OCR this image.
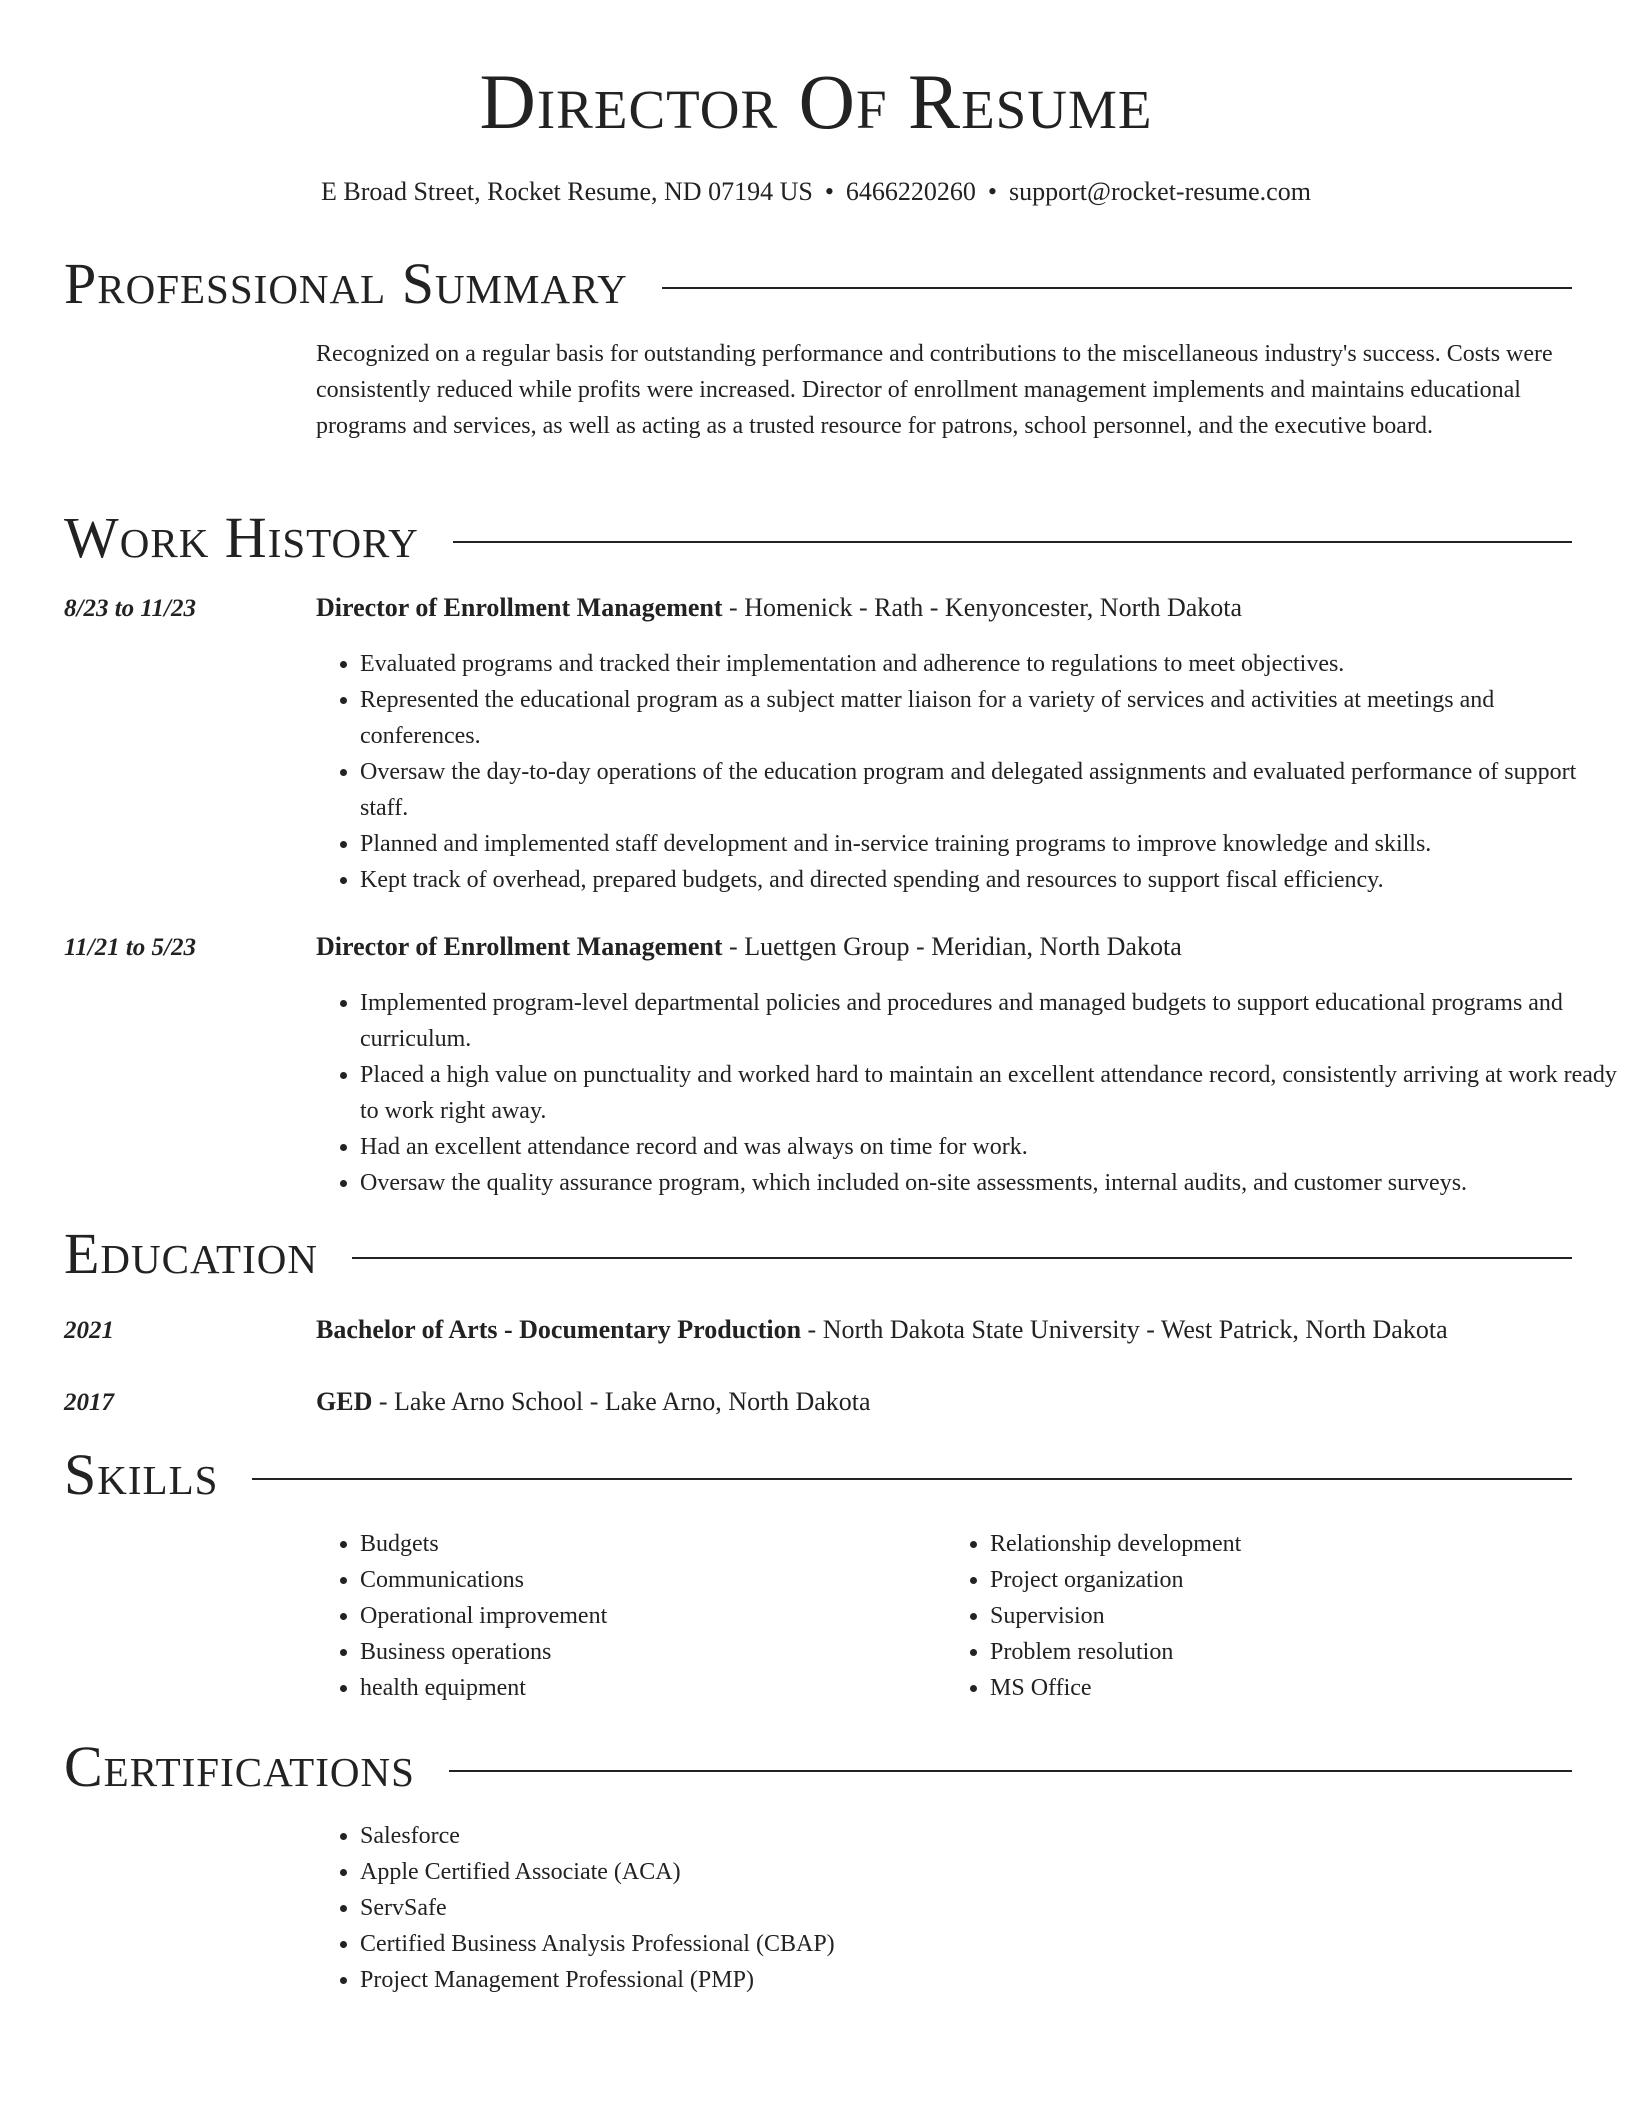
Director Of Resume
E Broad Street, Rocket Resume, ND 07194 US • 6466220260 • support@rocket-resume.com
Professional Summary

Recognized on a regular basis for outstanding performance and contributions to the miscellaneous industry's success. Costs were consistently reduced while profits were increased. Director of enrollment management implements and maintains educational programs and services, as well as acting as a trusted resource for patrons, school personnel, and the executive board.

Work History
8/23 to 11/23	Director of Enrollment Management - Homenick - Rath - Kenyoncester, North Dakota
• Evaluated programs and tracked their implementation and adherence to regulations to meet objectives.
• Represented the educational program as a subject matter liaison for a variety of services and activities at meetings and conferences.
• Oversaw the day-to-day operations of the education program and delegated assignments and evaluated performance of support staff.
• Planned and implemented staff development and in-service training programs to improve knowledge and skills.
• Kept track of overhead, prepared budgets, and directed spending and resources to support fiscal efficiency.
11/21 to 5/23	Director of Enrollment Management - Luettgen Group - Meridian, North Dakota
• Implemented program-level departmental policies and procedures and managed budgets to support educational programs and curriculum.
• Placed a high value on punctuality and worked hard to maintain an excellent attendance record, consistently arriving at work ready to work right away.
• Had an excellent attendance record and was always on time for work.
• Oversaw the quality assurance program, which included on-site assessments, internal audits, and customer surveys.
Education
2021	Bachelor of Arts - Documentary Production - North Dakota State University - West Patrick, North Dakota
2017	GED - Lake Arno School - Lake Arno, North Dakota
Skills
• Budgets
• Communications
• Operational improvement
• Business operations
• health equipment
• Relationship development
• Project organization
• Supervision
• Problem resolution
• MS Office
Certifications
• Salesforce
• Apple Certified Associate (ACA)
• ServSafe
• Certified Business Analysis Professional (CBAP)
• Project Management Professional (PMP)
